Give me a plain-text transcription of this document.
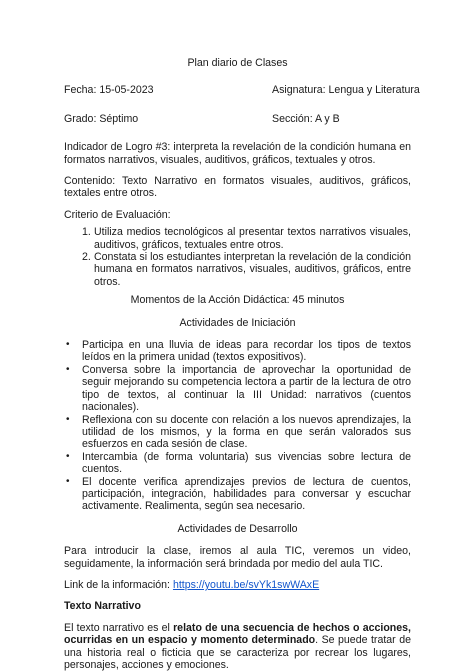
Plan diario de Clases

Fecha: 15-05-2023	Asignatura: Lengua y Literatura
Grado: Séptimo	Sección: A y B

Indicador de Logro #3: interpreta la revelación de la condición humana en formatos narrativos, visuales, auditivos, gráficos, textuales y otros.

Contenido: Texto Narrativo en formatos visuales, auditivos, gráficos, textales entre otros.

Criterio de Evaluación:

1. Utiliza medios tecnológicos al presentar textos narrativos visuales, auditivos, gráficos, textuales entre otros.
2. Constata si los estudiantes interpretan la revelación de la condición humana en formatos narrativos, visuales, auditivos, gráficos, entre otros.

Momentos de la Acción Didáctica: 45 minutos

Actividades de Iniciación

• Participa en una lluvia de ideas para recordar los tipos de textos leídos en la primera unidad (textos expositivos).
• Conversa sobre la importancia de aprovechar la oportunidad de seguir mejorando su competencia lectora a partir de la lectura de otro tipo de textos, al continuar la III Unidad: narrativos (cuentos nacionales).
• Reflexiona con su docente con relación a los nuevos aprendizajes, la utilidad de los mismos, y la forma en que serán valorados sus esfuerzos en cada sesión de clase.
• Intercambia (de forma voluntaria) sus vivencias sobre lectura de cuentos.
• El docente verifica aprendizajes previos de lectura de cuentos, participación, integración, habilidades para conversar y escuchar activamente. Realimenta, según sea necesario.

Actividades de Desarrollo

Para introducir la clase, iremos al aula TIC, veremos un video, seguidamente, la información será brindada por medio del aula TIC.

Link de la información: https://youtu.be/svYk1swWAxE

Texto Narrativo

El texto narrativo es el relato de una secuencia de hechos o acciones, ocurridas en un espacio y momento determinado. Se puede tratar de una historia real o ficticia que se caracteriza por recrear los lugares, personajes, acciones y emociones.
